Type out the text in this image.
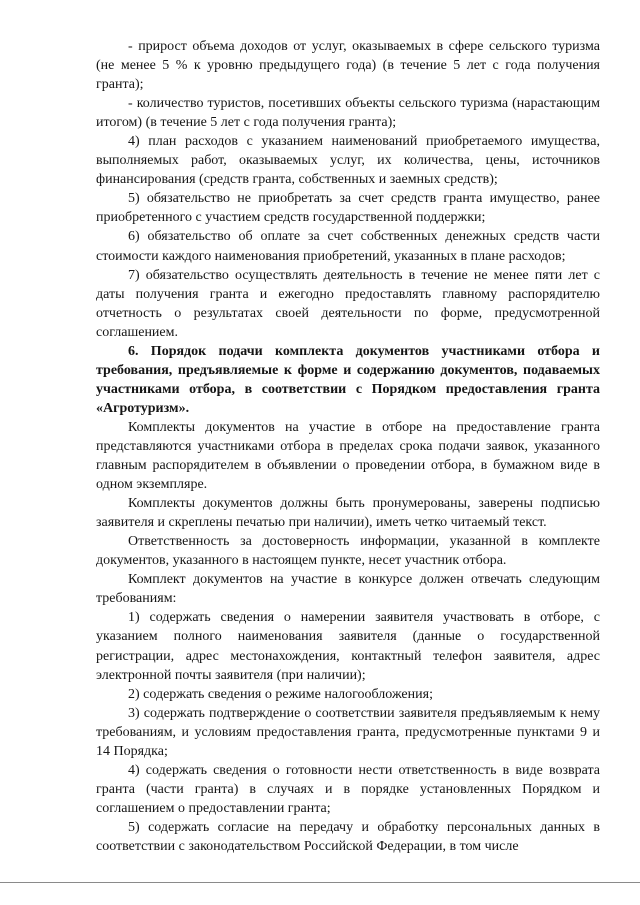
- прирост объема доходов от услуг, оказываемых в сфере сельского туризма (не менее 5 % к уровню предыдущего года) (в течение 5 лет с года получения гранта);

- количество туристов, посетивших объекты сельского туризма (нарастающим итогом) (в течение 5 лет с года получения гранта);

4) план расходов с указанием наименований приобретаемого имущества, выполняемых работ, оказываемых услуг, их количества, цены, источников финансирования (средств гранта, собственных и заемных средств);

5) обязательство не приобретать за счет средств гранта имущество, ранее приобретенного с участием средств государственной поддержки;

6) обязательство об оплате за счет собственных денежных средств части стоимости каждого наименования приобретений, указанных в плане расходов;

7) обязательство осуществлять деятельность в течение не менее пяти лет с даты получения гранта и ежегодно предоставлять главному распорядителю отчетность о результатах своей деятельности по форме, предусмотренной соглашением.

6. Порядок подачи комплекта документов участниками отбора и требования, предъявляемые к форме и содержанию документов, подаваемых участниками отбора, в соответствии с Порядком предоставления гранта «Агротуризм».

Комплекты документов на участие в отборе на предоставление гранта представляются участниками отбора в пределах срока подачи заявок, указанного главным распорядителем в объявлении о проведении отбора, в бумажном виде в одном экземпляре.

Комплекты документов должны быть пронумерованы, заверены подписью заявителя и скреплены печатью при наличии), иметь четко читаемый текст.

Ответственность за достоверность информации, указанной в комплекте документов, указанного в настоящем пункте, несет участник отбора.

Комплект документов на участие в конкурсе должен отвечать следующим требованиям:

1) содержать сведения о намерении заявителя участвовать в отборе, с указанием полного наименования заявителя (данные о государственной регистрации, адрес местонахождения, контактный телефон заявителя, адрес электронной почты заявителя (при наличии);

2) содержать сведения о режиме налогообложения;

3) содержать подтверждение о соответствии заявителя предъявляемым к нему требованиям, и условиям предоставления гранта, предусмотренные пунктами 9 и 14 Порядка;

4) содержать сведения о готовности нести ответственность в виде возврата гранта (части гранта) в случаях и в порядке установленных Порядком и соглашением о предоставлении гранта;

5) содержать согласие на передачу и обработку персональных данных в соответствии с законодательством Российской Федерации, в том числе
